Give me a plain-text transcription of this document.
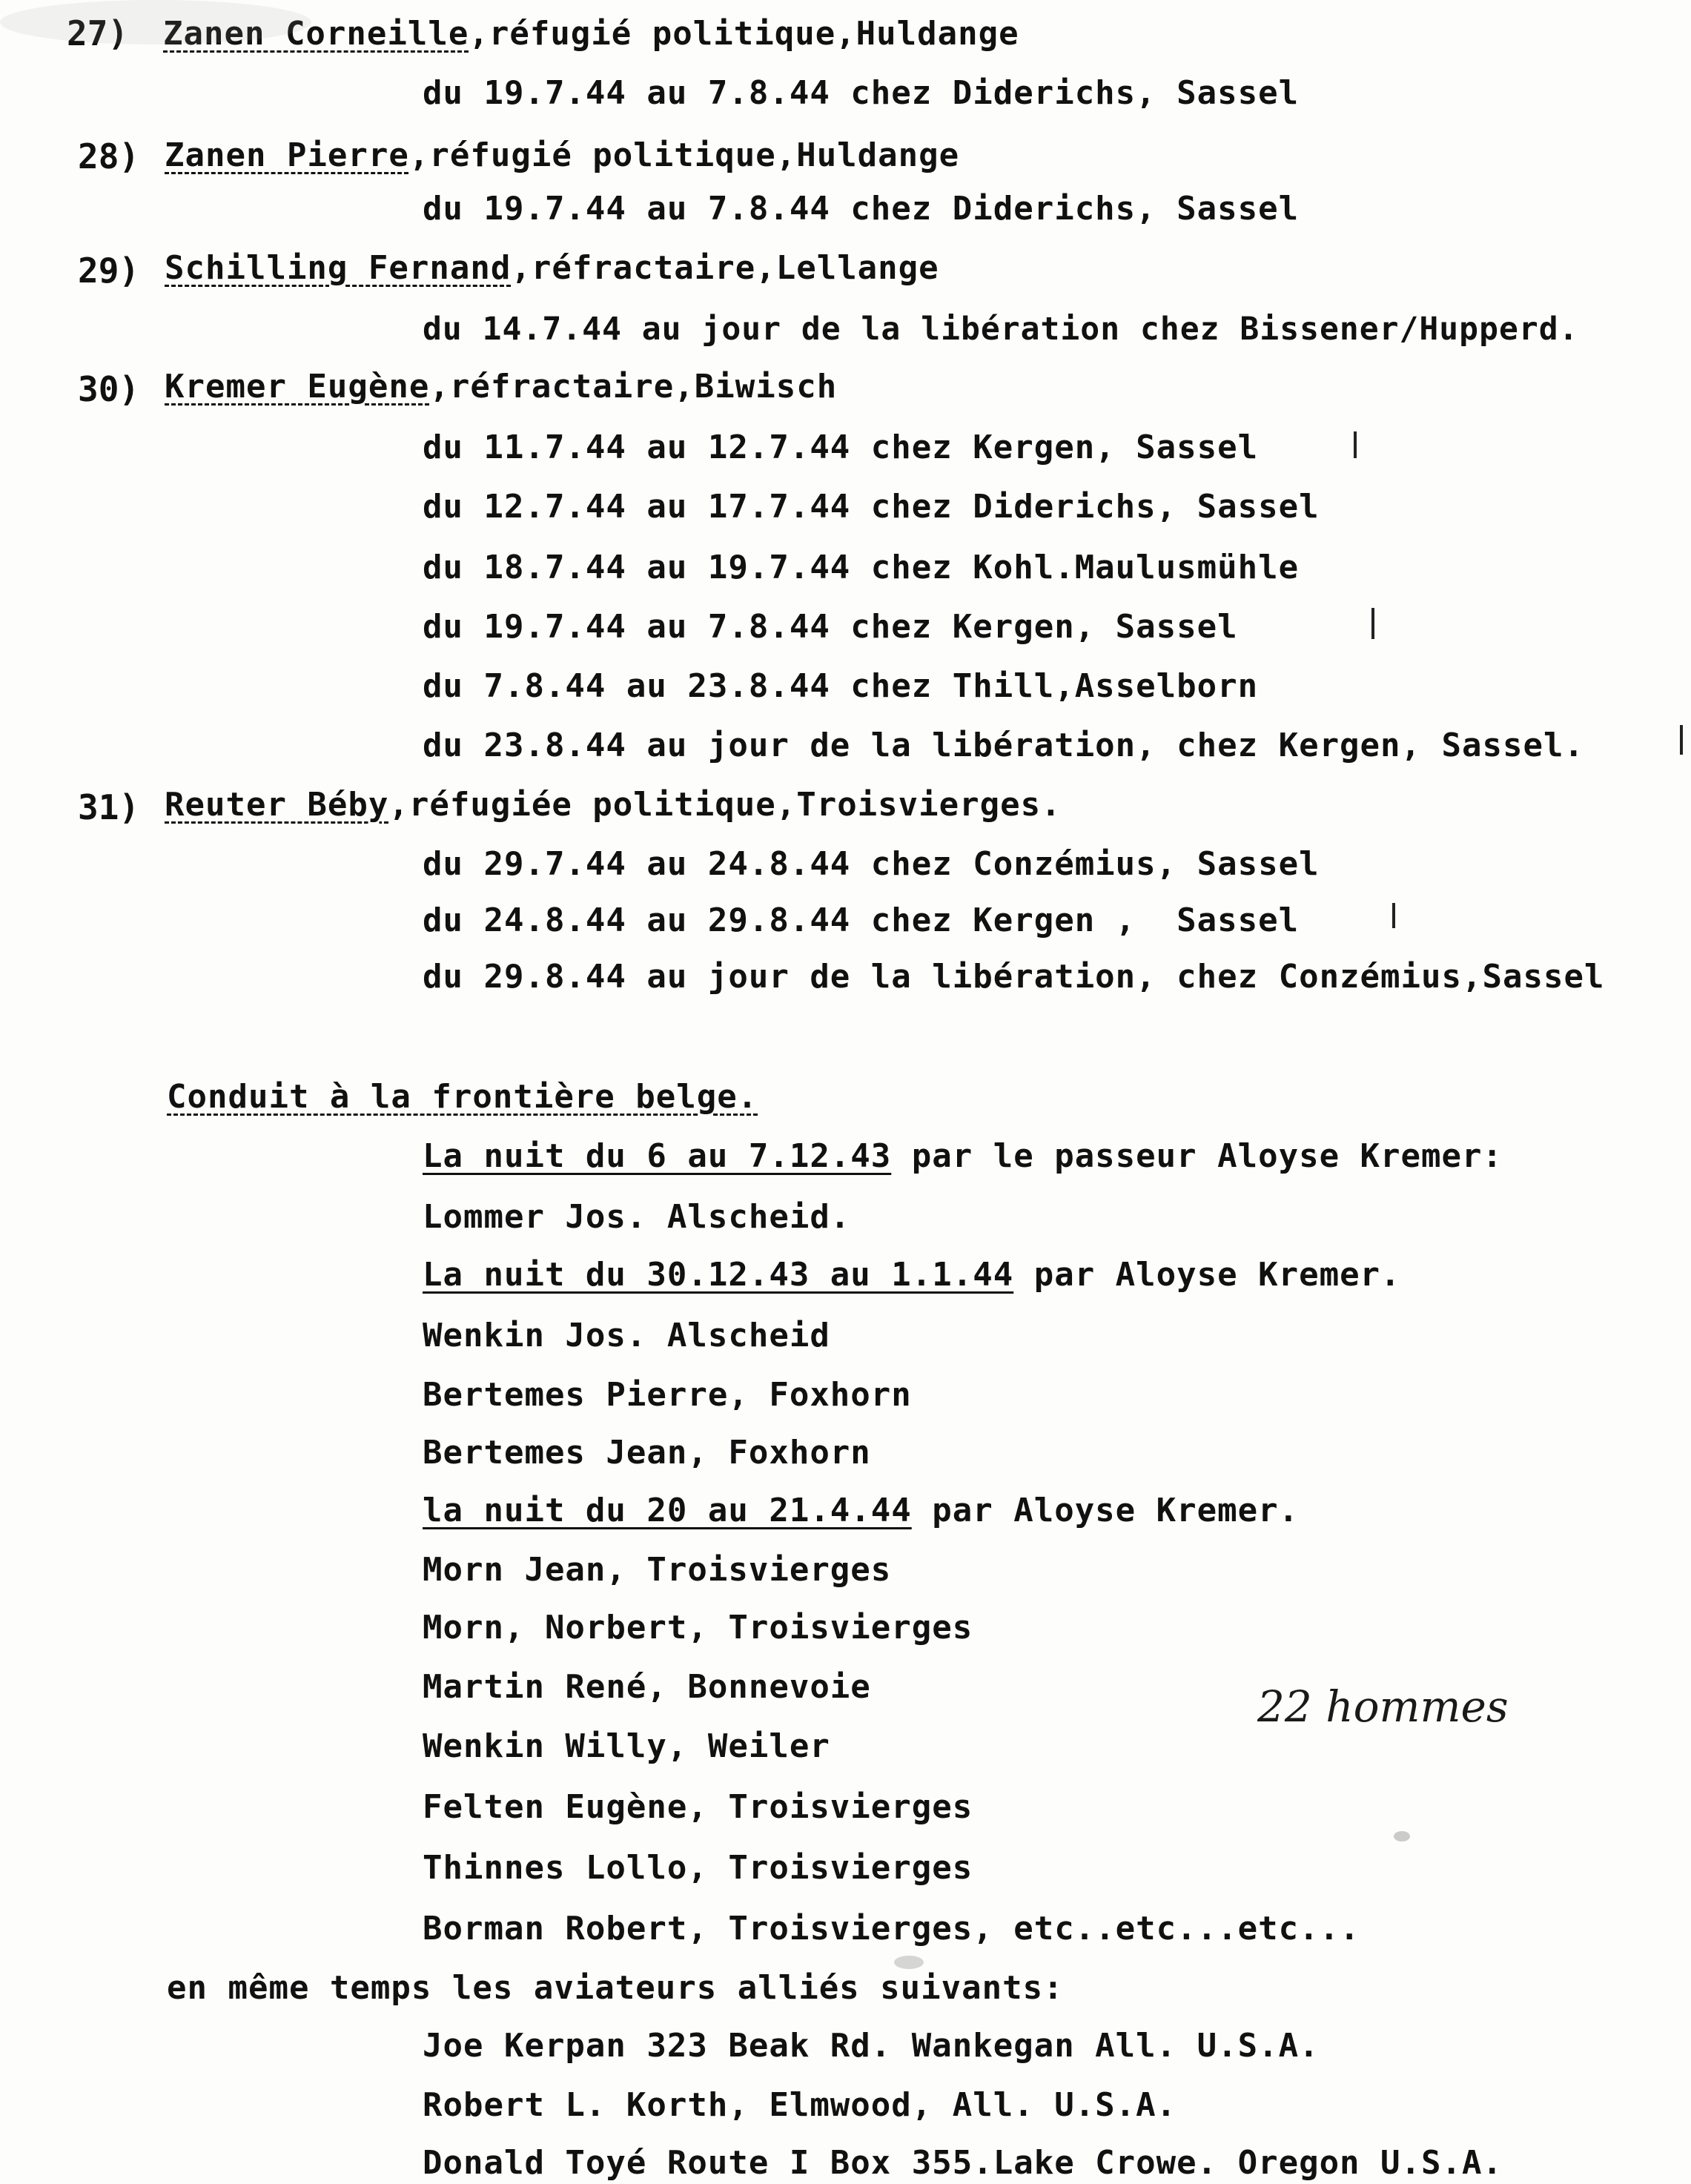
27) Zanen Corneille,réfugié politique,Huldange
du 19.7.44 au 7.8.44 chez Diderichs, Sassel
28) Zanen Pierre,réfugié politique,Huldange
du 19.7.44 au 7.8.44 chez Diderichs, Sassel
29) Schilling Fernand,réfractaire,Lellange
du 14.7.44 au jour de la libération chez Bissener/Hupperd.
30) Kremer Eugène,réfractaire,Biwisch
du 11.7.44 au 12.7.44 chez Kergen, Sassel
du 12.7.44 au 17.7.44 chez Diderichs, Sassel
du 18.7.44 au 19.7.44 chez Kohl.Maulusmühle
du 19.7.44 au 7.8.44 chez Kergen, Sassel
du 7.8.44 au 23.8.44 chez Thill,Asselborn
du 23.8.44 au jour de la libération, chez Kergen, Sassel.
31) Reuter Béby,réfugiée politique,Troisvierges.
du 29.7.44 au 24.8.44 chez Conzémius, Sassel
du 24.8.44 au 29.8.44 chez Kergen ,  Sassel
du 29.8.44 au jour de la libération, chez Conzémius,Sassel
Conduit à la frontière belge.
La nuit du 6 au 7.12.43 par le passeur Aloyse Kremer:
Lommer Jos. Alscheid.
La nuit du 30.12.43 au 1.1.44 par Aloyse Kremer.
Wenkin Jos. Alscheid
Bertemes Pierre, Foxhorn
Bertemes Jean, Foxhorn
la nuit du 20 au 21.4.44 par Aloyse Kremer.
Morn Jean, Troisvierges
Morn, Norbert, Troisvierges
Martin René, Bonnevoie
Wenkin Willy, Weiler
Felten Eugène, Troisvierges
Thinnes Lollo, Troisvierges
Borman Robert, Troisvierges, etc..etc...etc...
22 hommes
en même temps les aviateurs alliés suivants:
Joe Kerpan 323 Beak Rd. Wankegan All. U.S.A.
Robert L. Korth, Elmwood, All. U.S.A.
Donald Toyé Route I Box 355.Lake Crowe. Oregon U.S.A.
